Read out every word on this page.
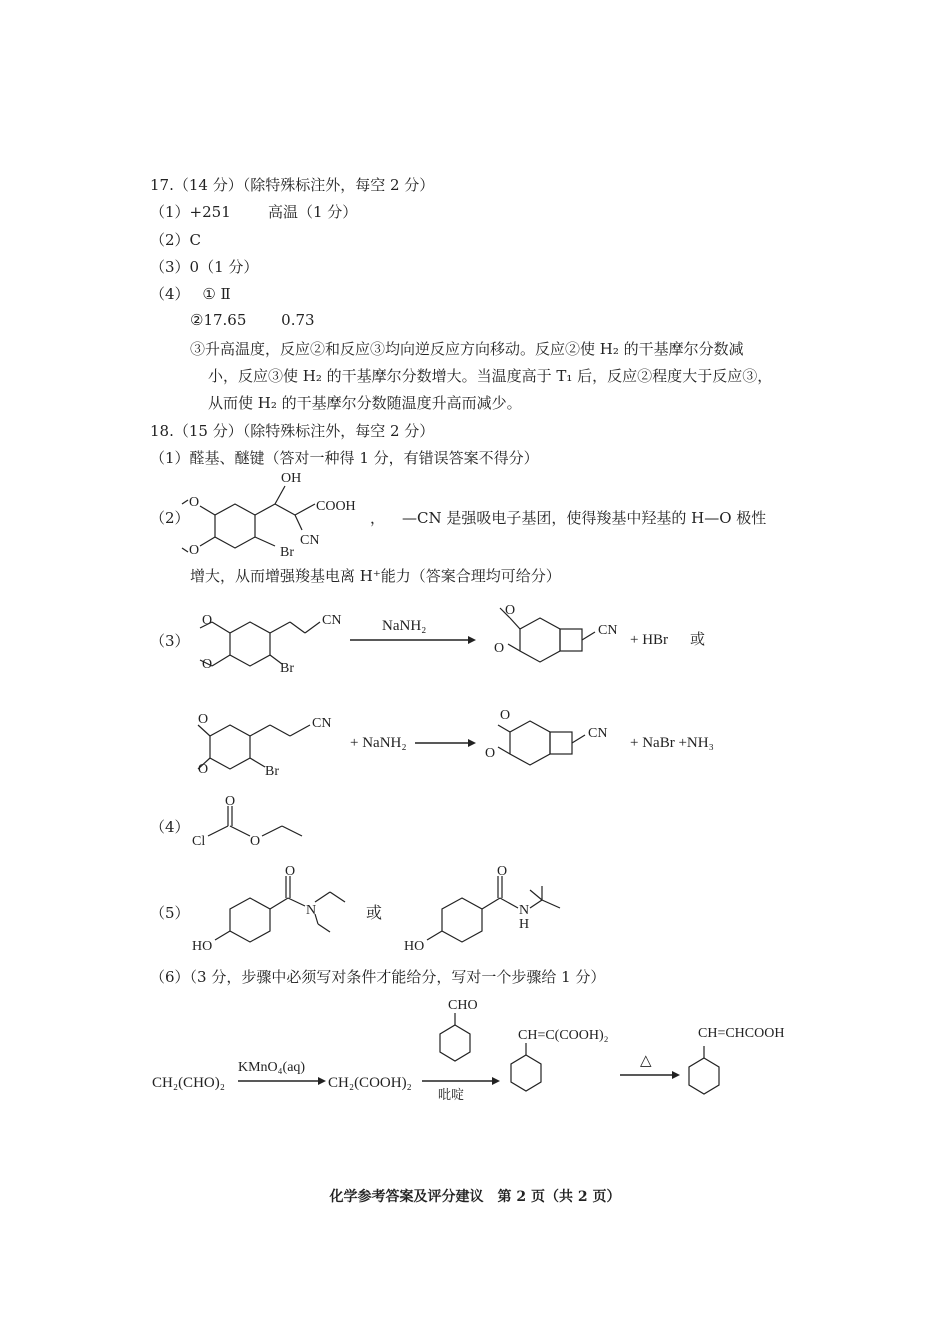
17.（14 分）（除特殊标注外，每空 2 分）
（1）+251 高温（1 分）
（2）C
（3）0（1 分）
（4） ① Ⅱ
②17.65 0.73
③升高温度，反应②和反应③均向逆反应方向移动。反应②使 H₂ 的干基摩尔分数减
小，反应③使 H₂ 的干基摩尔分数增大。当温度高于 T₁ 后，反应②程度大于反应③，
从而使 H₂ 的干基摩尔分数随温度升高而减少。
18.（15 分）（除特殊标注外，每空 2 分）
（1）醛基、醚键（答对一种得 1 分，有错误答案不得分）
（2）
OH
COOH
CN
Br
O
O
， —CN 是强吸电子基团，使得羧基中羟基的 H—O 极性
增大，从而增强羧基电离 H⁺能力（答案合理均可给分）
（3）
O
O
CN
Br
NaNH₂
O
O
CN
+ HBr 或
O
O
CN
Br
+ NaNH₂
O
O
CN
+ NaBr +NH₃
（4）
O
Cl	O
（5）
O
N
HO
或
O
N
H
HO
（6）（3 分，步骤中必须写对条件才能给分，写对一个步骤给 1 分）
CH₂(CHO)₂
KMnO₄(aq)
CH₂(COOH)₂
CHO
吡啶
CH=C(COOH)₂
△
CH=CHCOOH
化学参考答案及评分建议　第 2 页（共 2 页）
